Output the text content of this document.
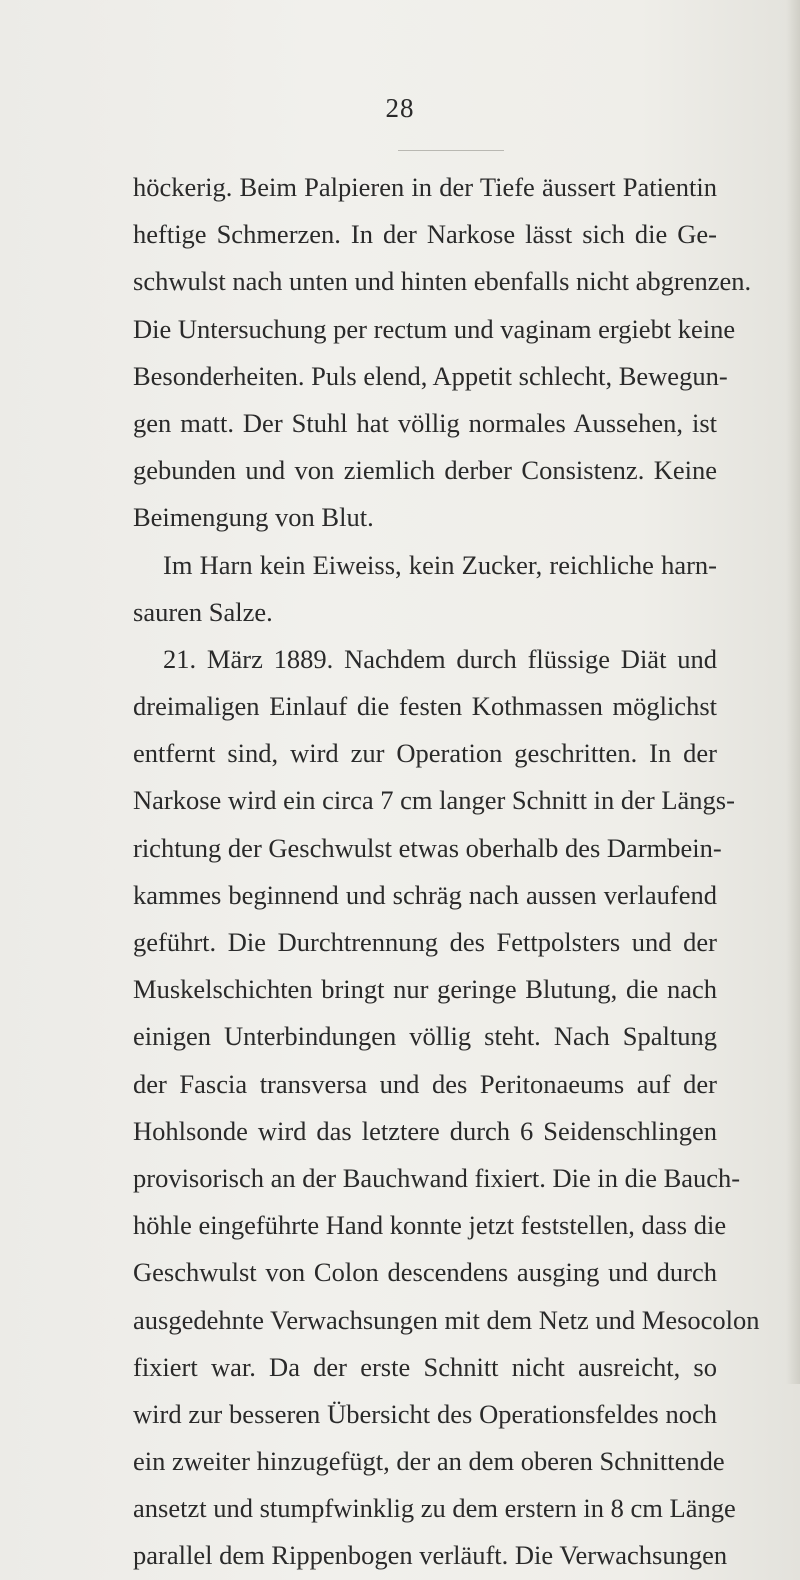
28
höckerig. Beim Palpieren in der Tiefe äussert Patientin
heftige Schmerzen. In der Narkose lässt sich die Ge-
schwulst nach unten und hinten ebenfalls nicht abgrenzen.
Die Untersuchung per rectum und vaginam ergiebt keine
Besonderheiten. Puls elend, Appetit schlecht, Bewegun-
gen matt. Der Stuhl hat völlig normales Aussehen, ist
gebunden und von ziemlich derber Consistenz. Keine
Beimengung von Blut.
Im Harn kein Eiweiss, kein Zucker, reichliche harn-
sauren Salze.
21. März 1889. Nachdem durch flüssige Diät und
dreimaligen Einlauf die festen Kothmassen möglichst
entfernt sind, wird zur Operation geschritten. In der
Narkose wird ein circa 7 cm langer Schnitt in der Längs-
richtung der Geschwulst etwas oberhalb des Darmbein-
kammes beginnend und schräg nach aussen verlaufend
geführt. Die Durchtrennung des Fettpolsters und der
Muskelschichten bringt nur geringe Blutung, die nach
einigen Unterbindungen völlig steht. Nach Spaltung
der Fascia transversa und des Peritonaeums auf der
Hohlsonde wird das letztere durch 6 Seidenschlingen
provisorisch an der Bauchwand fixiert. Die in die Bauch-
höhle eingeführte Hand konnte jetzt feststellen, dass die
Geschwulst von Colon descendens ausging und durch
ausgedehnte Verwachsungen mit dem Netz und Mesocolon
fixiert war. Da der erste Schnitt nicht ausreicht, so
wird zur besseren Übersicht des Operationsfeldes noch
ein zweiter hinzugefügt, der an dem oberen Schnittende
ansetzt und stumpfwinklig zu dem erstern in 8 cm Länge
parallel dem Rippenbogen verläuft. Die Verwachsungen
